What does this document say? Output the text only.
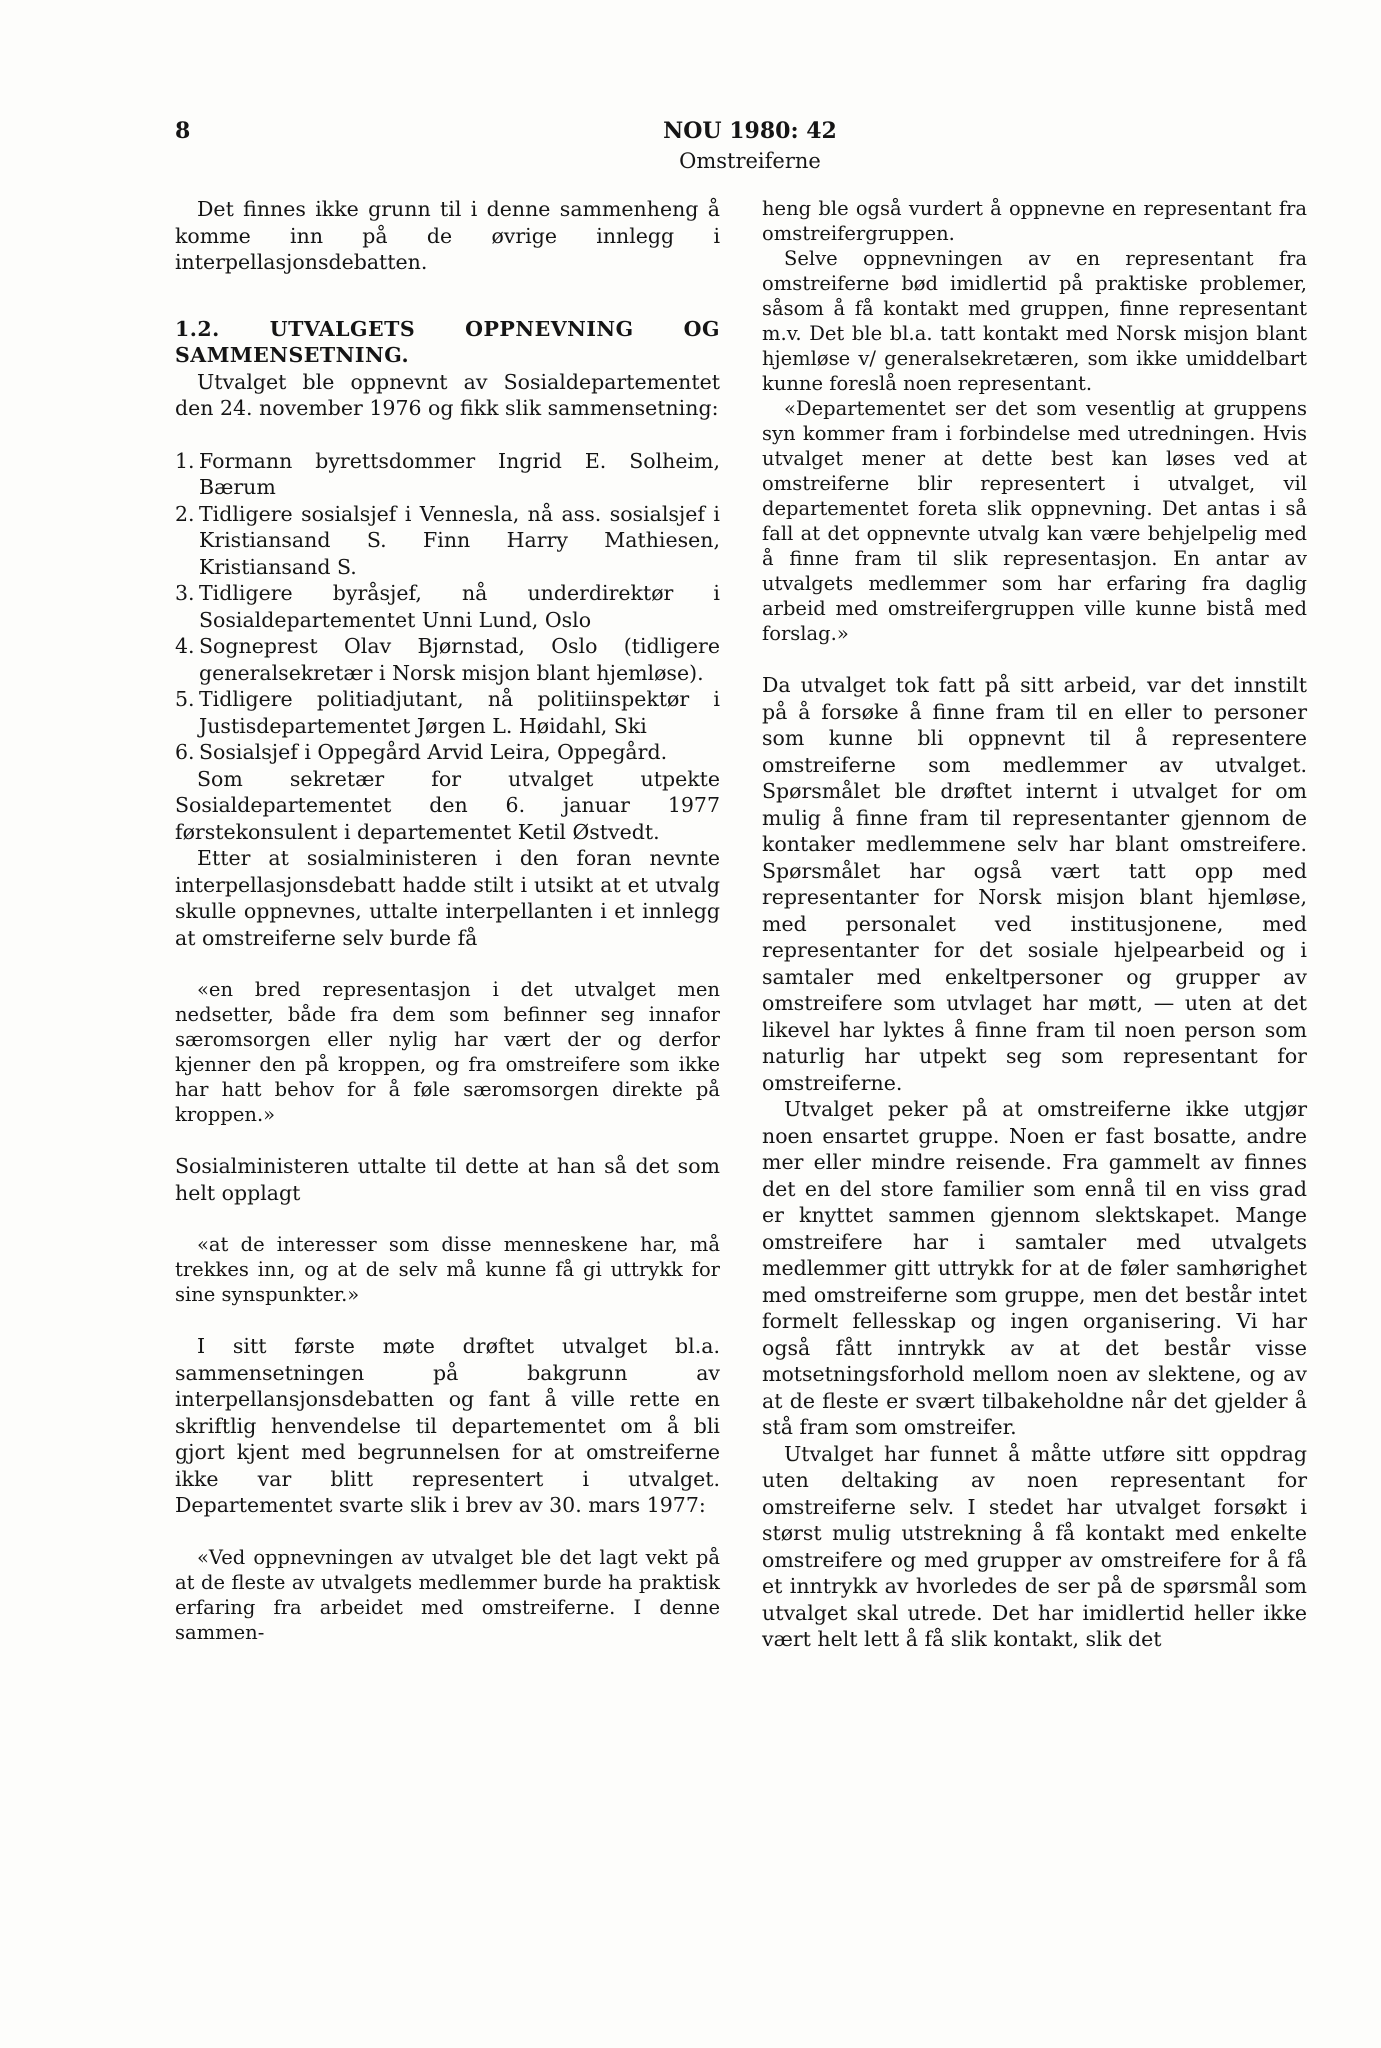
8	NOU 1980: 42
Omstreiferne

Det finnes ikke grunn til i denne sammenheng å komme inn på de øvrige innlegg i interpellasjonsdebatten.

1.2. UTVALGETS OPPNEVNING OG SAMMENSETNING.

Utvalget ble oppnevnt av Sosialdepartementet den 24. november 1976 og fikk slik sammensetning:

1. Formann byrettsdommer Ingrid E. Solheim, Bærum
2. Tidligere sosialsjef i Vennesla, nå ass. sosialsjef i Kristiansand S. Finn Harry Mathiesen, Kristiansand S.
3. Tidligere byråsjef, nå underdirektør i Sosialdepartementet Unni Lund, Oslo
4. Sogneprest Olav Bjørnstad, Oslo (tidligere generalsekretær i Norsk misjon blant hjemløse).
5. Tidligere politiadjutant, nå politiinspektør i Justisdepartementet Jørgen L. Høidahl, Ski
6. Sosialsjef i Oppegård Arvid Leira, Oppegård.

Som sekretær for utvalget utpekte Sosialdepartementet den 6. januar 1977 førstekonsulent i departementet Ketil Østvedt.

Etter at sosialministeren i den foran nevnte interpellasjonsdebatt hadde stilt i utsikt at et utvalg skulle oppnevnes, uttalte interpellanten i et innlegg at omstreiferne selv burde få

«en bred representasjon i det utvalget men nedsetter, både fra dem som befinner seg innafor særomsorgen eller nylig har vært der og derfor kjenner den på kroppen, og fra omstreifere som ikke har hatt behov for å føle særomsorgen direkte på kroppen.»

Sosialministeren uttalte til dette at han så det som helt opplagt

«at de interesser som disse menneskene har, må trekkes inn, og at de selv må kunne få gi uttrykk for sine synspunkter.»

I sitt første møte drøftet utvalget bl.a. sammensetningen på bakgrunn av interpellansjonsdebatten og fant å ville rette en skriftlig henvendelse til departementet om å bli gjort kjent med begrunnelsen for at omstreiferne ikke var blitt representert i utvalget. Departementet svarte slik i brev av 30. mars 1977:

«Ved oppnevningen av utvalget ble det lagt vekt på at de fleste av utvalgets medlemmer burde ha praktisk erfaring fra arbeidet med omstreiferne. I denne sammen-

heng ble også vurdert å oppnevne en representant fra omstreifergruppen.

Selve oppnevningen av en representant fra omstreiferne bød imidlertid på praktiske problemer, såsom å få kontakt med gruppen, finne representant m.v. Det ble bl.a. tatt kontakt med Norsk misjon blant hjemløse v/ generalsekretæren, som ikke umiddelbart kunne foreslå noen representant.

«Departementet ser det som vesentlig at gruppens syn kommer fram i forbindelse med utredningen. Hvis utvalget mener at dette best kan løses ved at omstreiferne blir representert i utvalget, vil departementet foreta slik oppnevning. Det antas i så fall at det oppnevnte utvalg kan være behjelpelig med å finne fram til slik representasjon. En antar av utvalgets medlemmer som har erfaring fra daglig arbeid med omstreifergruppen ville kunne bistå med forslag.»

Da utvalget tok fatt på sitt arbeid, var det innstilt på å forsøke å finne fram til en eller to personer som kunne bli oppnevnt til å representere omstreiferne som medlemmer av utvalget. Spørsmålet ble drøftet internt i utvalget for om mulig å finne fram til representanter gjennom de kontaker medlemmene selv har blant omstreifere. Spørsmålet har også vært tatt opp med representanter for Norsk misjon blant hjemløse, med personalet ved institusjonene, med representanter for det sosiale hjelpearbeid og i samtaler med enkeltpersoner og grupper av omstreifere som utvlaget har møtt, — uten at det likevel har lyktes å finne fram til noen person som naturlig har utpekt seg som representant for omstreiferne.

Utvalget peker på at omstreiferne ikke utgjør noen ensartet gruppe. Noen er fast bosatte, andre mer eller mindre reisende. Fra gammelt av finnes det en del store familier som ennå til en viss grad er knyttet sammen gjennom slektskapet. Mange omstreifere har i samtaler med utvalgets medlemmer gitt uttrykk for at de føler samhørighet med omstreiferne som gruppe, men det består intet formelt fellesskap og ingen organisering. Vi har også fått inntrykk av at det består visse motsetningsforhold mellom noen av slektene, og av at de fleste er svært tilbakeholdne når det gjelder å stå fram som omstreifer.

Utvalget har funnet å måtte utføre sitt oppdrag uten deltaking av noen representant for omstreiferne selv. I stedet har utvalget forsøkt i størst mulig utstrekning å få kontakt med enkelte omstreifere og med grupper av omstreifere for å få et inntrykk av hvorledes de ser på de spørsmål som utvalget skal utrede. Det har imidlertid heller ikke vært helt lett å få slik kontakt, slik det
